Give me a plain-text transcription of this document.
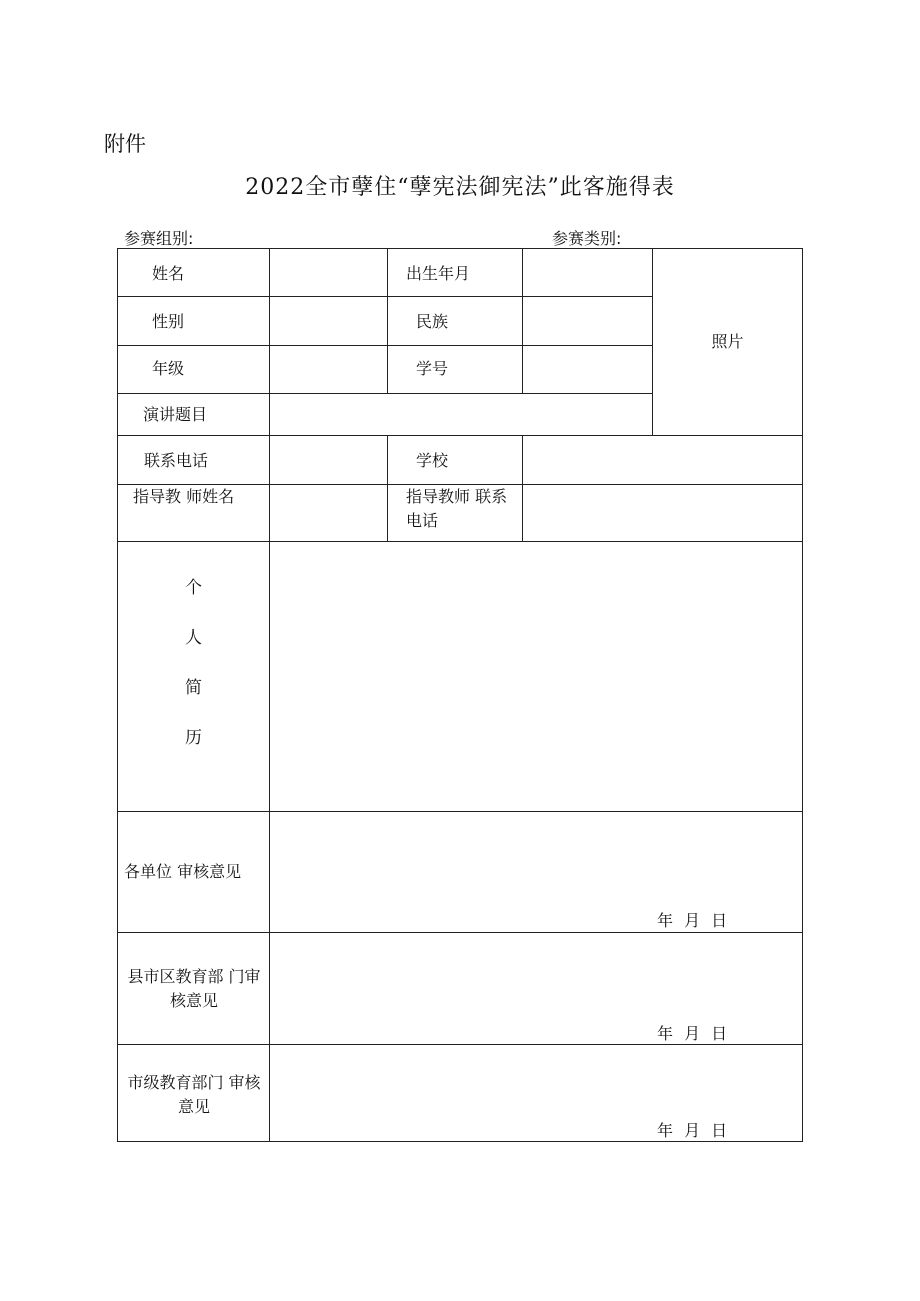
附件
2022全市孽住“孽宪法御宪法”此客施得表
参赛组别:	参赛类别:
姓名	出生年月
照片
性别	民族
年级	学号
演讲题目
联系电话	学校
指导教 师姓名	指导教师 联系电话
个
人
简
历
各单位 审核意见
年 月 日
县市区教育部 门审核意见
年 月 日
市级教育部门 审核意见
年 月 日
